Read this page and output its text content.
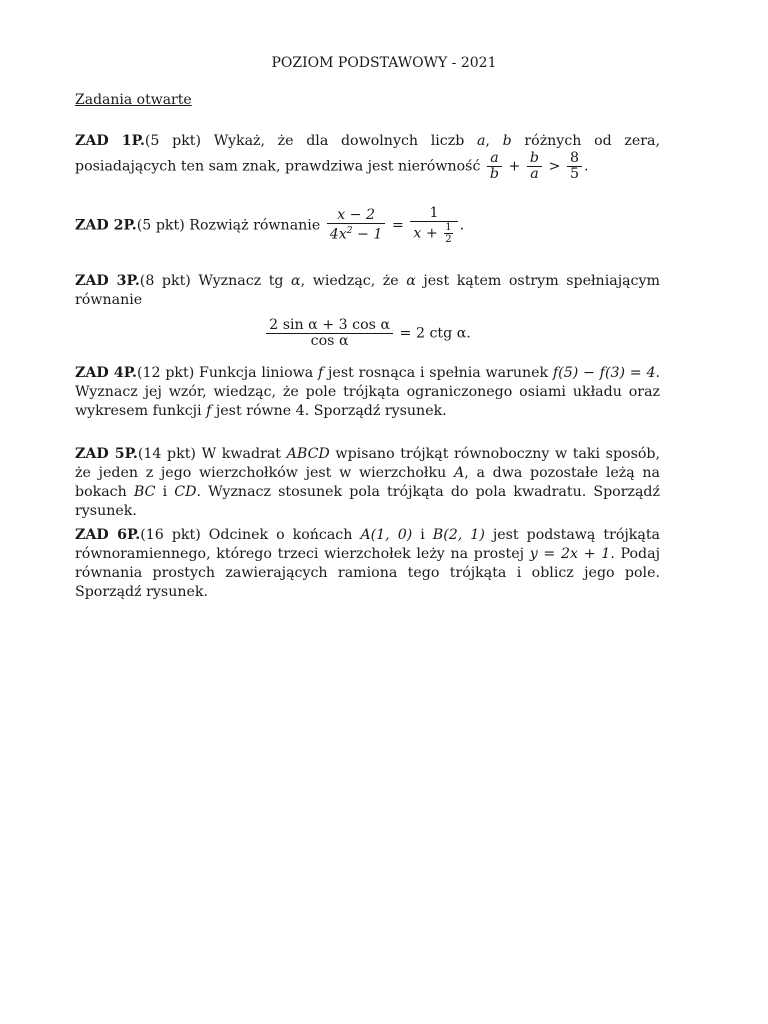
POZIOM PODSTAWOWY - 2021
Zadania otwarte
ZAD 1P.(5 pkt) Wykaż, że dla dowolnych liczb a, b różnych od zera, posiadających ten sam znak, prawdziwa jest nierówność $\frac{a}{b} + \frac{b}{a} > \frac{8}{5}$ .
ZAD 2P.(5 pkt) Rozwiąż równanie $\frac{x - 2}{4x^2 - 1} = \frac{1}{x + \frac{1}{2}}$ .
ZAD 3P.(8 pkt) Wyznacz tg α, wiedząc, że α jest kątem ostrym spełniającym równanie
$\frac{\text{2 sin α + 3 cos α}}{\text{cos α}} = 2$ ctg α.
ZAD 4P.(12 pkt) Funkcja liniowa f jest rosnąca i spełnia warunek f(5) − f(3) = 4. Wyznacz jej wzór, wiedząc, że pole trójkąta ograniczonego osiami układu oraz wykresem funkcji f jest równe 4. Sporządź rysunek.
ZAD 5P.(14 pkt) W kwadrat ABCD wpisano trójkąt równoboczny w taki sposób, że jeden z jego wierzchołków jest w wierzchołku A, a dwa pozostałe leżą na bokach BC i CD. Wyznacz stosunek pola trójkąta do pola kwadratu. Sporządź rysunek.
ZAD 6P.(16 pkt) Odcinek o końcach A(1, 0) i B(2, 1) jest podstawą trójkąta równoramiennego, którego trzeci wierzchołek leży na prostej y = 2x + 1. Podaj równania prostych zawierających ramiona tego trójkąta i oblicz jego pole. Sporządź rysunek.
